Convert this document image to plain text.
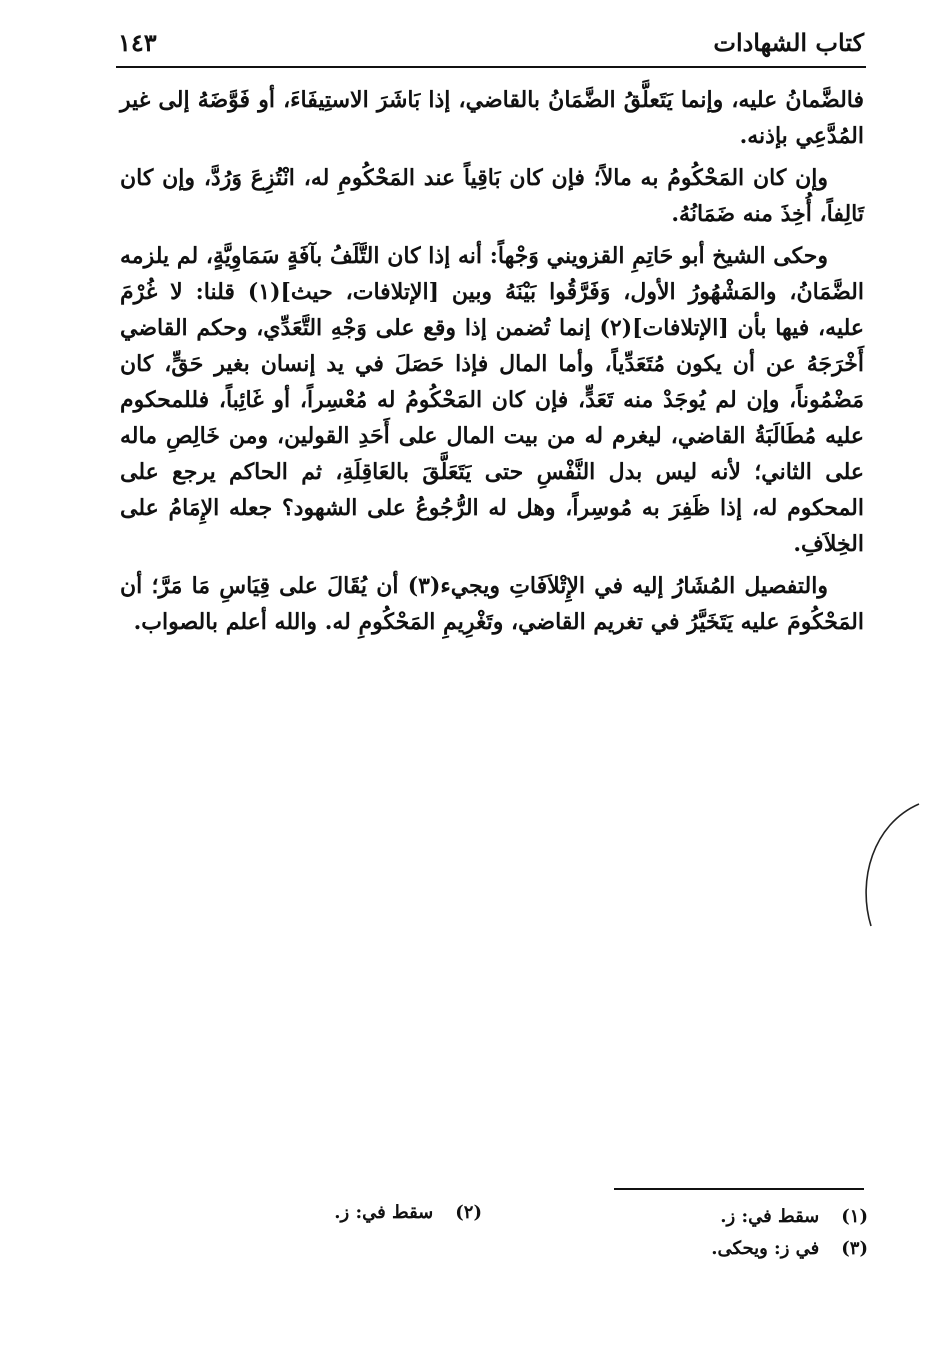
كتاب الشهادات
١٤٣

فالضَّمانُ عليه، وإنما يَتَعلَّقُ الضَّمَانُ بالقاضي، إذا بَاشَرَ الاستِيفَاءَ، أو فَوَّضَهُ إلى غير المُدَّعِي بإذنه.

وإن كان المَحْكُومُ به مالاً؛ فإن كان بَاقِياً عند المَحْكُومِ له، انْتُزِعَ وَرُدَّ، وإن كان تَالِفاً، أُخِذَ منه ضَمَانُهُ.

وحكى الشيخ أبو حَاتِمِ القزويني وَجْهاً: أنه إذا كان التَّلَفُ بآفَةٍ سَمَاوِيَّةٍ، لم يلزمه الضَّمَانُ، والمَشْهُورُ الأول، وَفَرَّقُوا بَيْنَهُ وبين [الإتلافات، حيث](١) قلنا: لا غُرْمَ عليه، فيها بأن [الإتلافات](٢) إنما تُضمن إذا وقع على وَجْهِ التَّعَدِّي، وحكم القاضي أَخْرَجَهُ عن أن يكون مُتَعَدِّياً، وأما المال فإذا حَصَلَ في يد إنسان بغير حَقٍّ، كان مَضْمُوناً، وإن لم يُوجَدْ منه تَعَدٍّ، فإن كان المَحْكُومُ له مُعْسِراً، أو غَائِباً، فللمحكوم عليه مُطَالَبَةُ القاضي، ليغرم له من بيت المال على أَحَدِ القولين، ومن خَالِصِ ماله على الثاني؛ لأنه ليس بدل النَّفْسِ حتى يَتَعَلَّقَ بالعَاقِلَةِ، ثم الحاكم يرجع على المحكوم له، إذا ظَفِرَ به مُوسِراً، وهل له الرُّجُوعُ على الشهود؟ جعله الإِمَامُ على الخِلاَفِ.

والتفصيل المُشَارُ إليه في الإِتْلاَفَاتِ ويجيء(٣) أن يُقَالَ على قِيَاسِ مَا مَرَّ؛ أن المَحْكُومَ عليه يَتَخَيَّرُ في تغريم القاضي، وتَغْرِيمِ المَحْكُومِ له. والله أعلم بالصواب.

(١)سقط في: ز.
(٢)سقط في: ز.
(٣)في ز: ويحكى.
